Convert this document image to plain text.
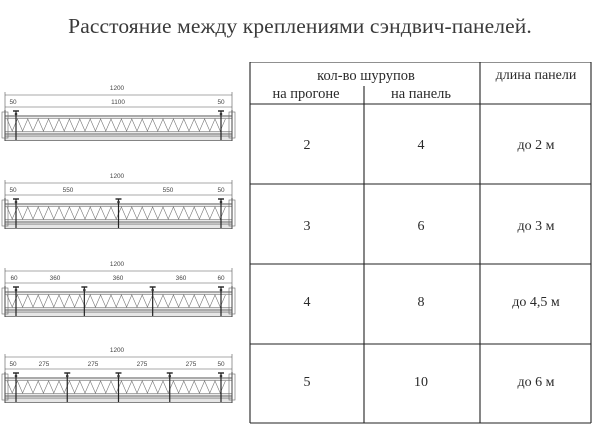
Расстояние между креплениями сэндвич-панелей.
1200
50	1100	50
1200
50	550	550	50
1200
60	360	360	360	60
1200
50	275	275	275	275	50
кол-во шурупов
на прогоне	на панель
длина панели
2	4	до 2 м
3	6	до 3 м
4	8	до 4,5 м
5	10	до 6 м
